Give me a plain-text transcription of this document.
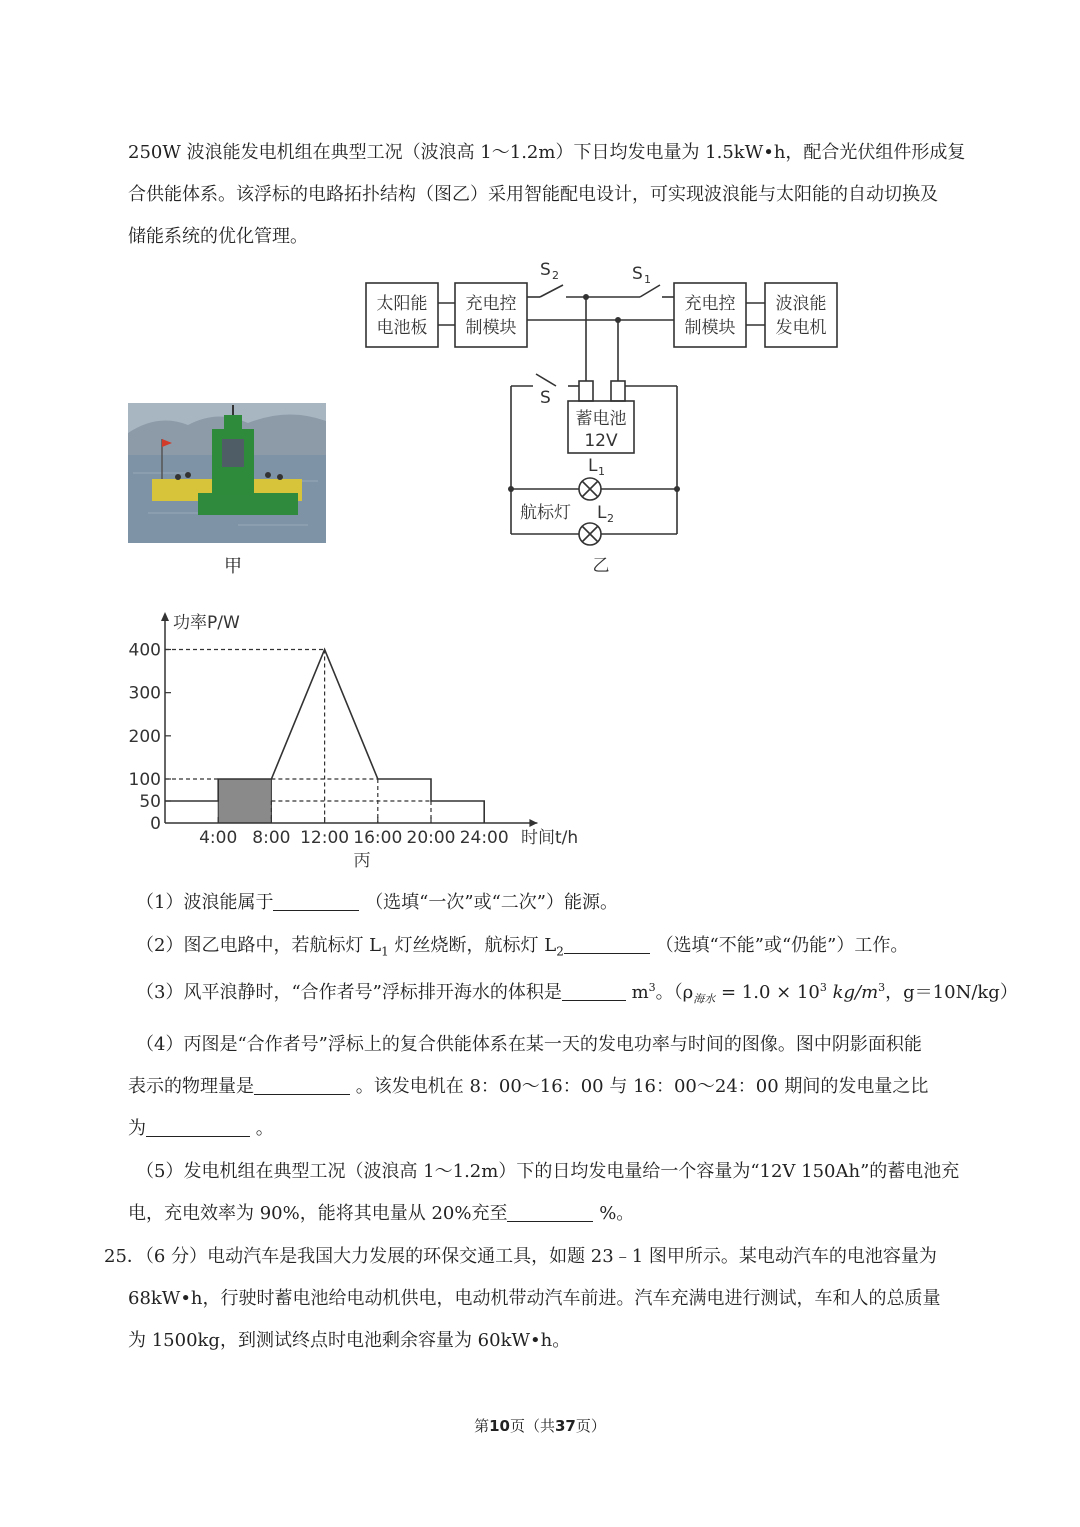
250W 波浪能发电机组在典型工况（波浪高 1～1.2m）下日均发电量为 1.5kW•h，配合光伏组件形成复
合供能体系。该浮标的电路拓扑结构（图乙）采用智能配电设计，可实现波浪能与太阳能的自动切换及
储能系统的优化管理。
太阳能
电池板
充电控
制模块
充电控
制模块
波浪能
发电机
S 2	S 1
S
蓄电池
12V
L 1
航标灯 L 2
乙
甲
0
50
100
200
300
400
4:00 8:00 12:00 16:00 20:00 24:00
功率P/W
时间t/h
丙
（1）波浪能属于	（选填“一次”或“二次”）能源。
（2）图乙电路中，若航标灯 $L_1$ 灯丝烧断，航标灯 $L_2$	（选填“不能”或“仍能”）工作。
（3）风平浪静时，“合作者号”浮标排开海水的体积是	$m^3$。（$\rho_{海水} = 1.0 \times 10^3$ $kg/m^3$，g＝10N/kg）
（4）丙图是“合作者号”浮标上的复合供能体系在某一天的发电功率与时间的图像。图中阴影面积能
表示的物理量是	。该发电机在 8：00～16：00 与 16：00～24：00 期间的发电量之比
为	。
（5）发电机组在典型工况（波浪高 1～1.2m）下的日均发电量给一个容量为“12V 150Ah”的蓄电池充
电，充电效率为 90%，能将其电量从 20%充至	%。
25．（6 分）电动汽车是我国大力发展的环保交通工具，如题 23﹣1 图甲所示。某电动汽车的电池容量为
68kW•h，行驶时蓄电池给电动机供电，电动机带动汽车前进。汽车充满电进行测试，车和人的总质量
为 1500kg，到测试终点时电池剩余容量为 60kW•h。
第10页（共37页）
